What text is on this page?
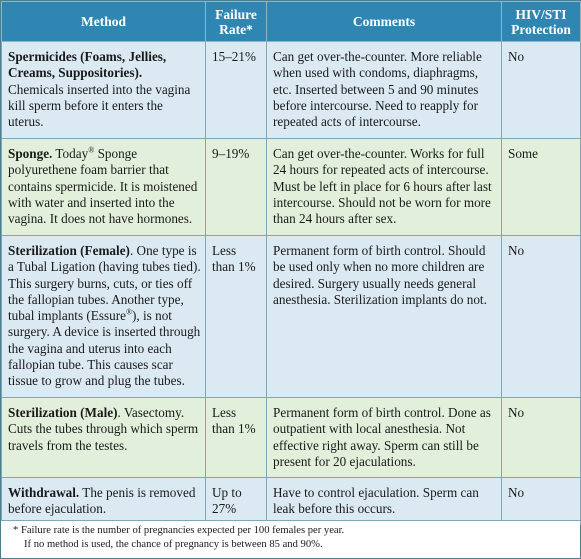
Method	Failure Rate*	Comments	HIV/STI Protection
Spermicides (Foams, Jellies, Creams, Suppositories). Chemicals inserted into the vagina kill sperm before it enters the uterus.	15–21%	Can get over-the-counter. More reliable when used with condoms, diaphragms, etc. Inserted between 5 and 90 minutes before intercourse. Need to reapply for repeated acts of intercourse.	No
Sponge. Today® Sponge polyurethene foam barrier that contains spermicide. It is moistened with water and inserted into the vagina. It does not have hormones.	9–19%	Can get over-the-counter. Works for full 24 hours for repeated acts of intercourse. Must be left in place for 6 hours after last intercourse. Should not be worn for more than 24 hours after sex.	Some
Sterilization (Female). One type is a Tubal Ligation (having tubes tied). This surgery burns, cuts, or ties off the fallopian tubes. Another type, tubal implants (Essure®), is not surgery. A device is inserted through the vagina and uterus into each fallopian tube. This causes scar tissue to grow and plug the tubes.	Less than 1%	Permanent form of birth control. Should be used only when no more children are desired. Surgery usually needs general anesthesia. Sterilization implants do not.	No
Sterilization (Male). Vasectomy. Cuts the tubes through which sperm travels from the testes.	Less than 1%	Permanent form of birth control. Done as outpatient with local anesthesia. Not effective right away. Sperm can still be present for 20 ejaculations.	No
Withdrawal. The penis is removed before ejaculation.	Up to 27%	Have to control ejaculation. Sperm can leak before this occurs.	No
* Failure rate is the number of pregnancies expected per 100 females per year.
If no method is used, the chance of pregnancy is between 85 and 90%.
